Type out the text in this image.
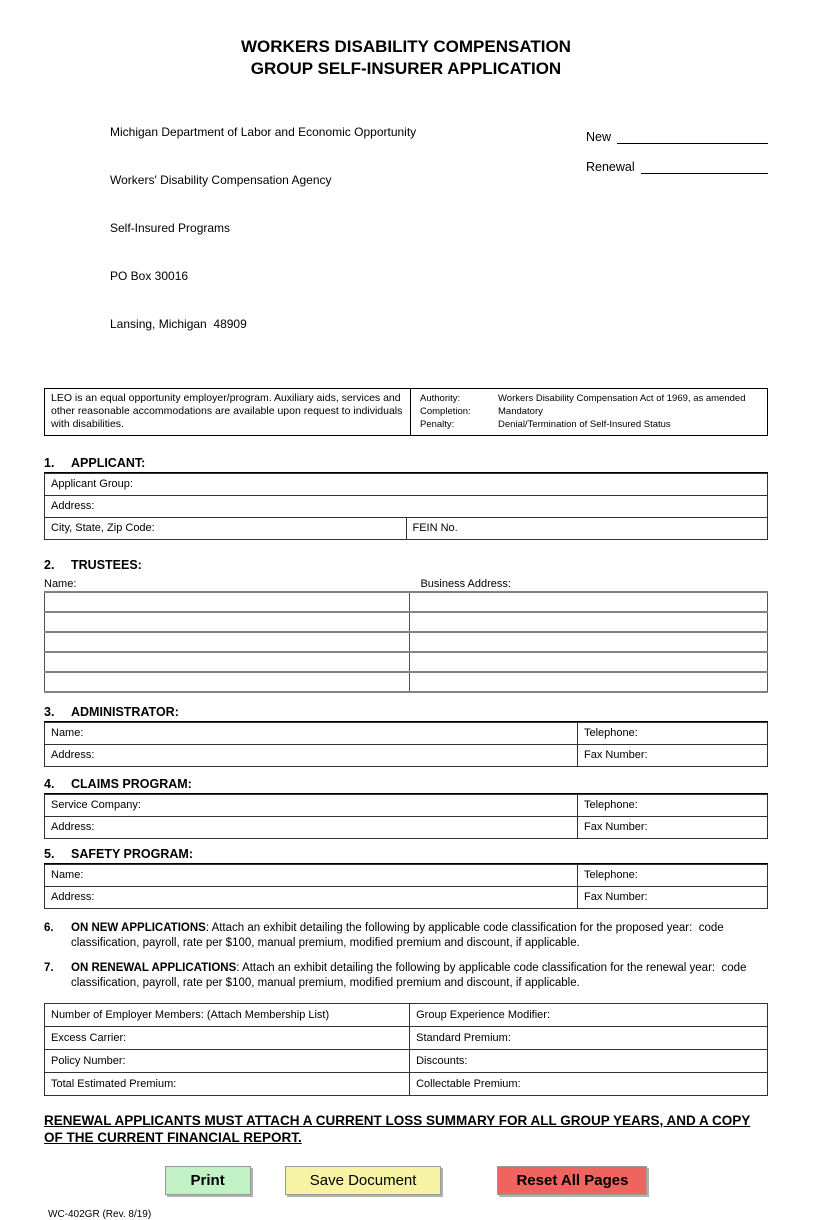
WORKERS DISABILITY COMPENSATION
GROUP SELF-INSURER APPLICATION

Michigan Department of Labor and Economic Opportunity

Workers' Disability Compensation Agency

Self-Insured Programs

PO Box 30016

Lansing, Michigan  48909

New
Renewal
LEO is an equal opportunity employer/program. Auxiliary aids, services and other reasonable accommodations are available upon request to individuals with disabilities.
Authority:	Workers Disability Compensation Act of 1969, as amended
Completion:	Mandatory
Penalty:	Denial/Termination of Self-Insured Status
1.	APPLICANT:
Applicant Group:
Address:
City, State, Zip Code:	FEIN No.
2.	TRUSTEES:
Name:	Business Address:

3.	ADMINISTRATOR:
Name:	Telephone:
Address:	Fax Number:
4.	CLAIMS PROGRAM:
Service Company:	Telephone:
Address:	Fax Number:
5.	SAFETY PROGRAM:
Name:	Telephone:
Address:	Fax Number:
6.	ON NEW APPLICATIONS: Attach an exhibit detailing the following by applicable code classification for the proposed year:  code classification, payroll, rate per $100, manual premium, modified premium and discount, if applicable.
7.	ON RENEWAL APPLICATIONS: Attach an exhibit detailing the following by applicable code classification for the renewal year:  code classification, payroll, rate per $100, manual premium, modified premium and discount, if applicable.
Number of Employer Members: (Attach Membership List)	Group Experience Modifier:
Excess Carrier:	Standard Premium:
Policy Number:	Discounts:
Total Estimated Premium:	Collectable Premium:
RENEWAL APPLICANTS MUST ATTACH A CURRENT LOSS SUMMARY FOR ALL GROUP YEARS, AND A COPY OF THE CURRENT FINANCIAL REPORT.
Print	Save Document	Reset All Pages
WC-402GR (Rev. 8/19)
